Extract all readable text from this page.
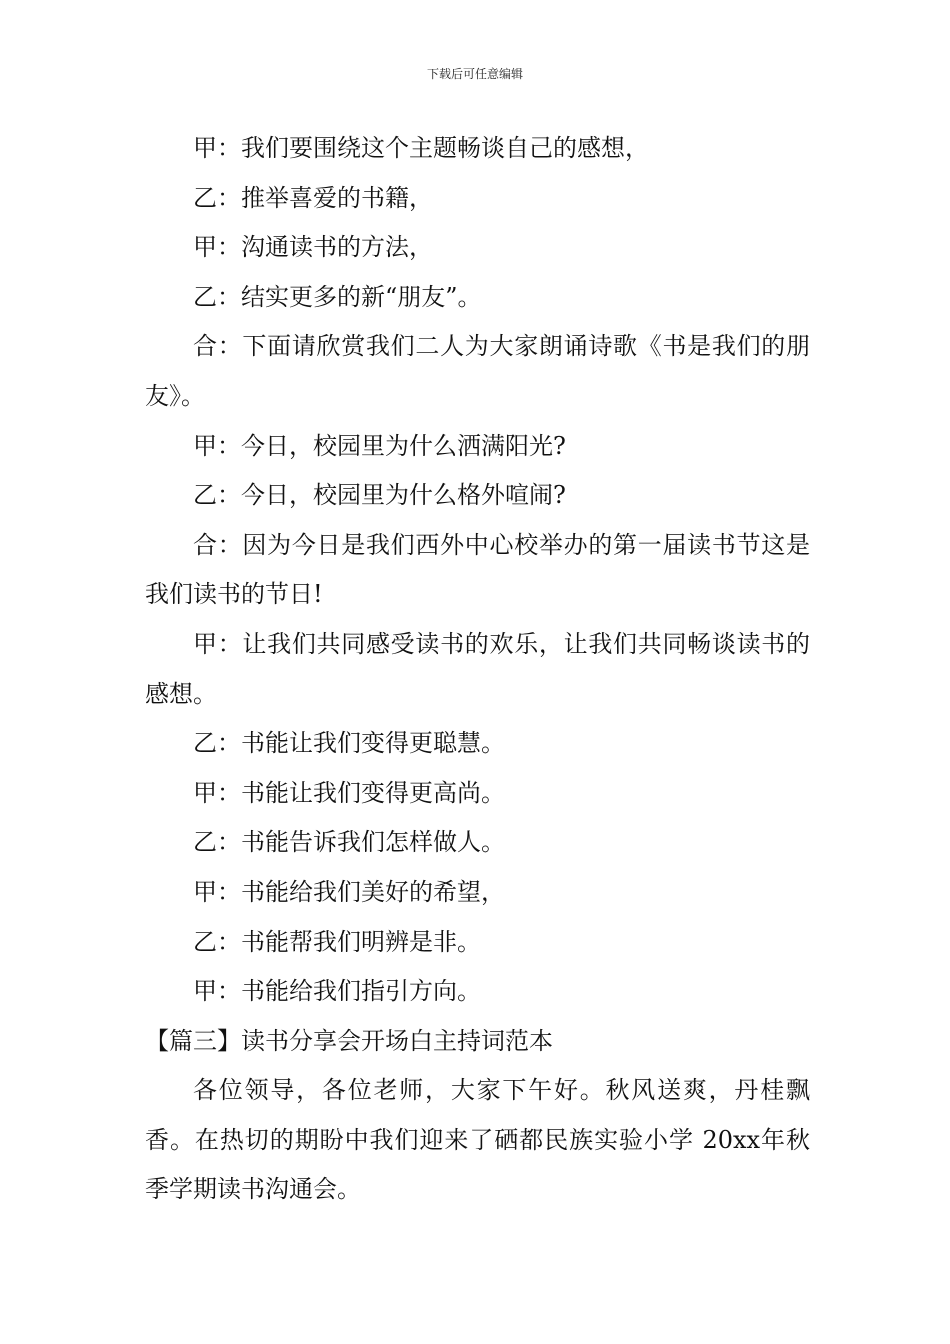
下载后可任意编辑

甲：我们要围绕这个主题畅谈自己的感想，

乙：推举喜爱的书籍，

甲：沟通读书的方法，

乙：结实更多的新“朋友”。

合：下面请欣赏我们二人为大家朗诵诗歌《书是我们的朋友》。

甲：今日，校园里为什么洒满阳光?

乙：今日，校园里为什么格外喧闹?

合：因为今日是我们西外中心校举办的第一届读书节这是我们读书的节日!

甲：让我们共同感受读书的欢乐，让我们共同畅谈读书的感想。

乙：书能让我们变得更聪慧。

甲：书能让我们变得更高尚。

乙：书能告诉我们怎样做人。

甲：书能给我们美好的希望，

乙：书能帮我们明辨是非。

甲：书能给我们指引方向。

【篇三】读书分享会开场白主持词范本

各位领导，各位老师，大家下午好。秋风送爽，丹桂飘香。在热切的期盼中我们迎来了硒都民族实验小学 20xx年秋季学期读书沟通会。
